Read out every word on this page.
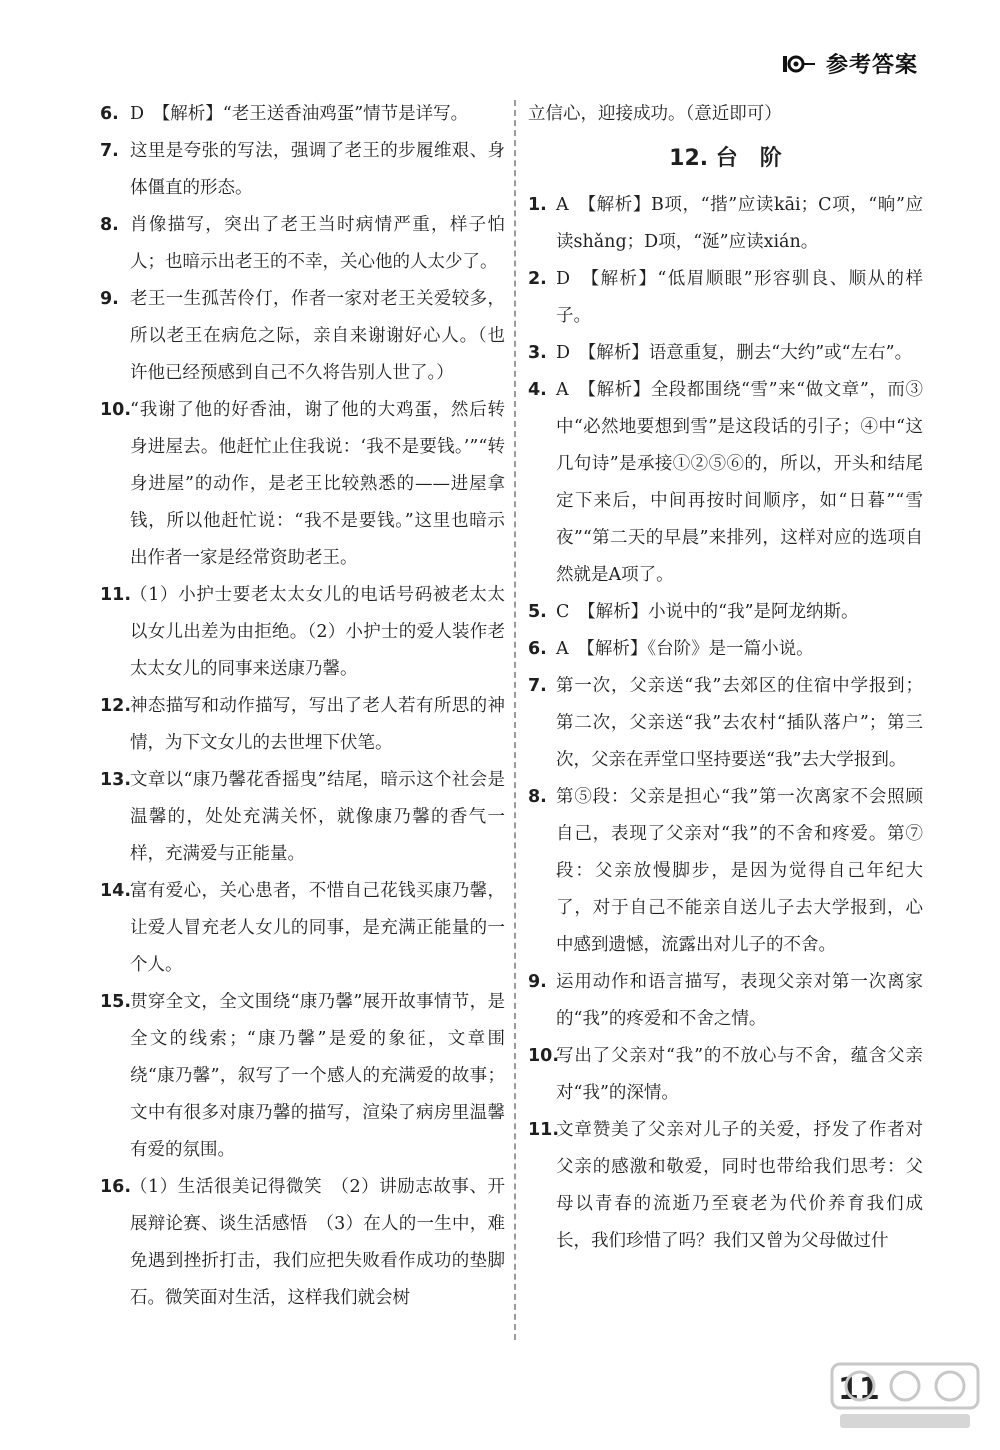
参考答案
6. D　【解析】“老王送香油鸡蛋”情节是详写。
7. 这里是夸张的写法，强调了老王的步履维艰、身体僵直的形态。
8. 肖像描写，突出了老王当时病情严重，样子怕人；也暗示出老王的不幸，关心他的人太少了。
9. 老王一生孤苦伶仃，作者一家对老王关爱较多，所以老王在病危之际，亲自来谢谢好心人。（也许他已经预感到自己不久将告别人世了。）
10.
“我谢了他的好香油，谢了他的大鸡蛋，然后转身进屋去。他赶忙止住我说：‘我不是要钱。’”“转身进屋”的动作，是老王比较熟悉的——进屋拿钱，所以他赶忙说：“我不是要钱。”这里也暗示出作者一家是经常资助老王。
11.
（1）小护士要老太太女儿的电话号码被老太太以女儿出差为由拒绝。（2）小护士的爱人装作老太太女儿的同事来送康乃馨。
12.
神态描写和动作描写，写出了老人若有所思的神情，为下文女儿的去世埋下伏笔。
13.
文章以“康乃馨花香摇曳”结尾，暗示这个社会是温馨的，处处充满关怀，就像康乃馨的香气一样，充满爱与正能量。
14.
富有爱心，关心患者，不惜自己花钱买康乃馨，让爱人冒充老人女儿的同事，是充满正能量的一个人。
15.
贯穿全文，全文围绕“康乃馨”展开故事情节，是全文的线索；“康乃馨”是爱的象征，文章围绕“康乃馨”，叙写了一个感人的充满爱的故事；文中有很多对康乃馨的描写，渲染了病房里温馨有爱的氛围。
16.
（1）生活很美记得微笑　（2）讲励志故事、开展辩论赛、谈生活感悟　（3）在人的一生中，难免遇到挫折打击，我们应把失败看作成功的垫脚石。微笑面对生活，这样我们就会树
立信心，迎接成功。（意近即可）
12. 台　阶
1. A　【解析】B项，“揩”应读kāi；C项，“晌”应读shǎng；D项，“涎”应读xián。
2. D　【解析】“低眉顺眼”形容驯良、顺从的样子。
3. D　【解析】语意重复，删去“大约”或“左右”。
4. A　【解析】全段都围绕“雪”来“做文章”，而③中“必然地要想到雪”是这段话的引子；④中“这几句诗”是承接①②⑤⑥的，所以，开头和结尾定下来后，中间再按时间顺序，如“日暮”“雪夜”“第二天的早晨”来排列，这样对应的选项自然就是A项了。
5. C　【解析】小说中的“我”是阿龙纳斯。
6. A　【解析】《台阶》是一篇小说。
7. 第一次，父亲送“我”去郊区的住宿中学报到；第二次，父亲送“我”去农村“插队落户”；第三次，父亲在弄堂口坚持要送“我”去大学报到。
8. 第⑤段：父亲是担心“我”第一次离家不会照顾自己，表现了父亲对“我”的不舍和疼爱。第⑦段：父亲放慢脚步，是因为觉得自己年纪大了，对于自己不能亲自送儿子去大学报到，心中感到遗憾，流露出对儿子的不舍。
9. 运用动作和语言描写，表现父亲对第一次离家的“我”的疼爱和不舍之情。
10.
写出了父亲对“我”的不放心与不舍，蕴含父亲对“我”的深情。
11.
文章赞美了父亲对儿子的关爱，抒发了作者对父亲的感激和敬爱，同时也带给我们思考：父母以青春的流逝乃至衰老为代价养育我们成长，我们珍惜了吗？我们又曾为父母做过什
11
